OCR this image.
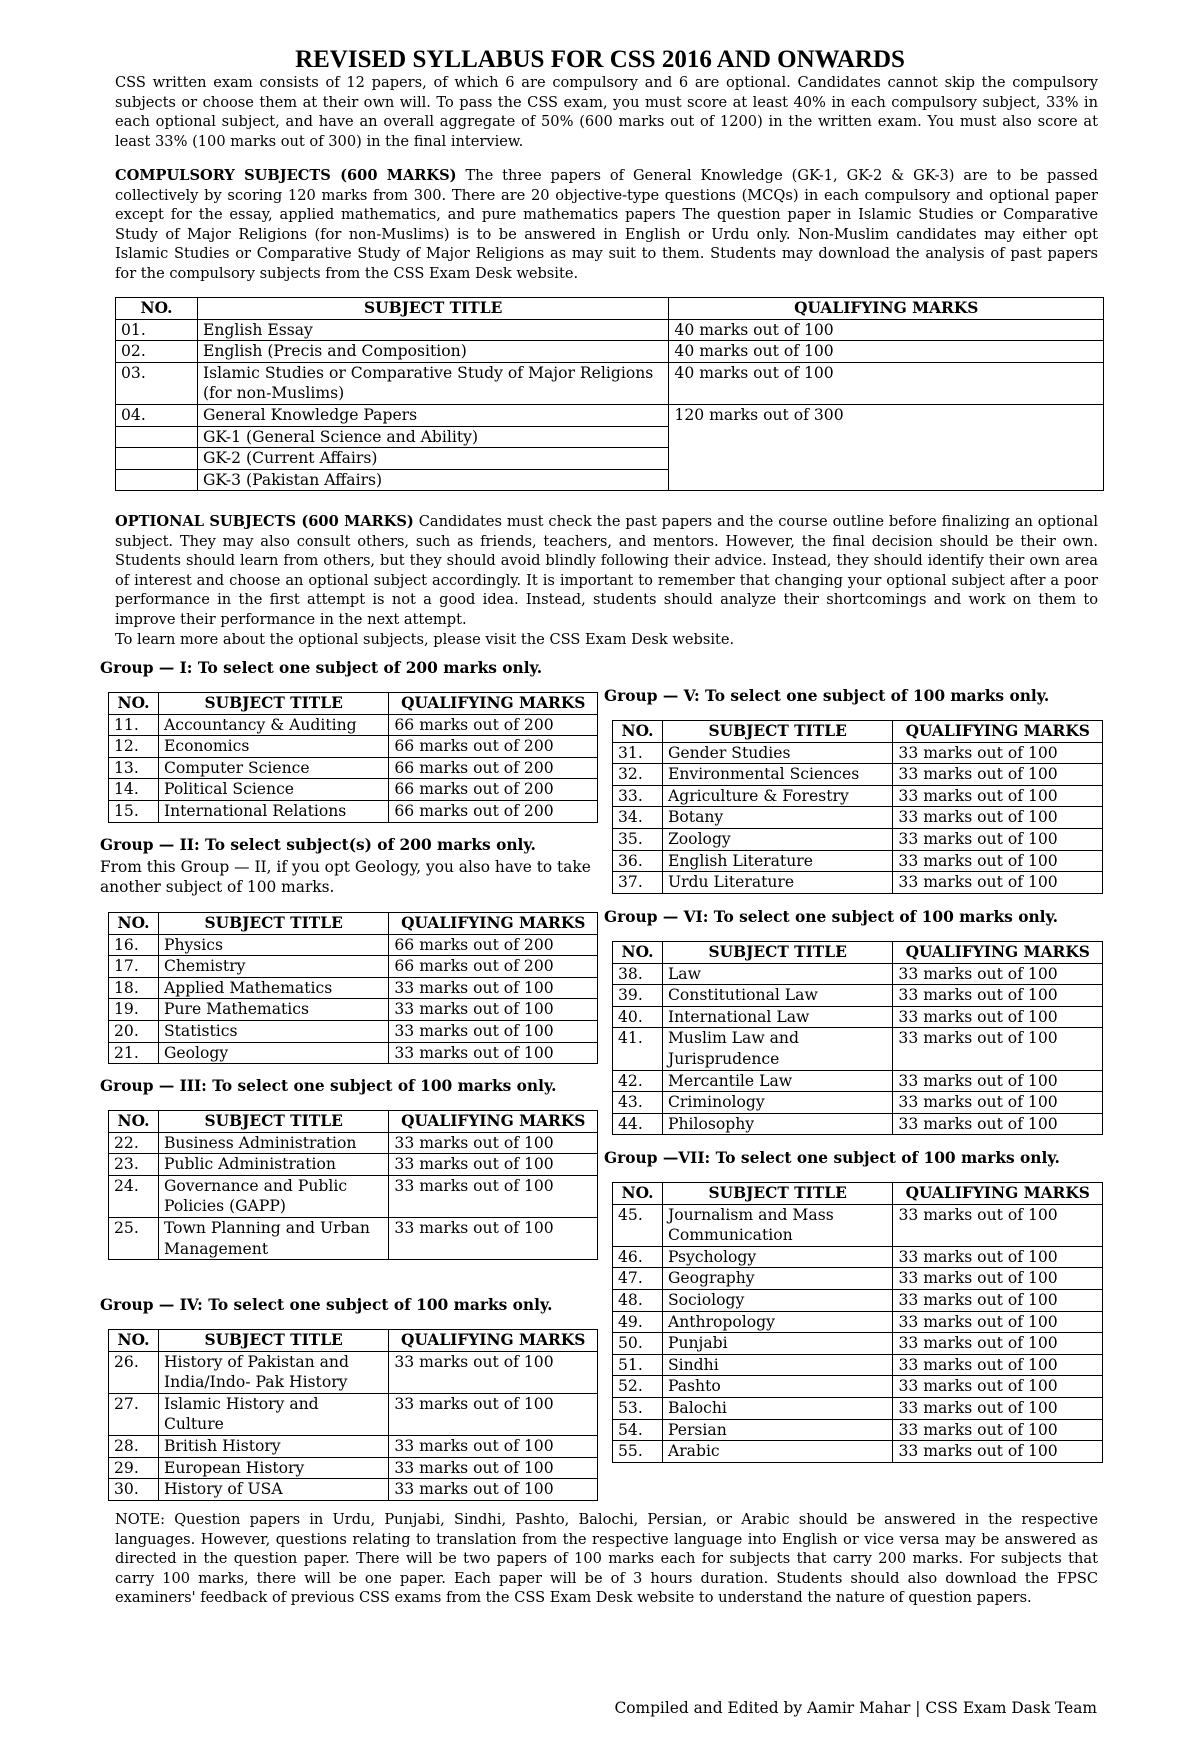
REVISED SYLLABUS FOR CSS 2016 AND ONWARDS

CSS written exam consists of 12 papers, of which 6 are compulsory and 6 are optional. Candidates cannot skip the compulsory subjects or choose them at their own will. To pass the CSS exam, you must score at least 40% in each compulsory subject, 33% in each optional subject, and have an overall aggregate of 50% (600 marks out of 1200) in the written exam. You must also score at least 33% (100 marks out of 300) in the final interview.

COMPULSORY SUBJECTS (600 MARKS) The three papers of General Knowledge (GK-1, GK-2 & GK-3) are to be passed collectively by scoring 120 marks from 300. There are 20 objective-type questions (MCQs) in each compulsory and optional paper except for the essay, applied mathematics, and pure mathematics papers The question paper in Islamic Studies or Comparative Study of Major Religions (for non-Muslims) is to be answered in English or Urdu only. Non-Muslim candidates may either opt Islamic Studies or Comparative Study of Major Religions as may suit to them. Students may download the analysis of past papers for the compulsory subjects from the CSS Exam Desk website.

NO.	SUBJECT TITLE	QUALIFYING MARKS
01.	English Essay	40 marks out of 100
02.	English (Precis and Composition)	40 marks out of 100
03.	Islamic Studies or Comparative Study of Major Religions (for non-Muslims)	40 marks out of 100
04.	General Knowledge Papers	120 marks out of 300
	GK-1 (General Science and Ability)	
	GK-2 (Current Affairs)	
	GK-3 (Pakistan Affairs)	

OPTIONAL SUBJECTS (600 MARKS) Candidates must check the past papers and the course outline before finalizing an optional subject. They may also consult others, such as friends, teachers, and mentors. However, the final decision should be their own. Students should learn from others, but they should avoid blindly following their advice. Instead, they should identify their own area of interest and choose an optional subject accordingly. It is important to remember that changing your optional subject after a poor performance in the first attempt is not a good idea. Instead, students should analyze their shortcomings and work on them to improve their performance in the next attempt.

To learn more about the optional subjects, please visit the CSS Exam Desk website.

Group — I: To select one subject of 200 marks only.
NO.	SUBJECT TITLE	QUALIFYING MARKS
11.	Accountancy & Auditing	66 marks out of 200
12.	Economics	66 marks out of 200
13.	Computer Science	66 marks out of 200
14.	Political Science	66 marks out of 200
15.	International Relations	66 marks out of 200
Group — II: To select subject(s) of 200 marks only.

From this Group — II, if you opt Geology, you also have to take another subject of 100 marks.

NO.	SUBJECT TITLE	QUALIFYING MARKS
16.	Physics	66 marks out of 200
17.	Chemistry	66 marks out of 200
18.	Applied Mathematics	33 marks out of 100
19.	Pure Mathematics	33 marks out of 100
20.	Statistics	33 marks out of 100
21.	Geology	33 marks out of 100
Group — III: To select one subject of 100 marks only.
NO.	SUBJECT TITLE	QUALIFYING MARKS
22.	Business Administration	33 marks out of 100
23.	Public Administration	33 marks out of 100
24.	Governance and Public Policies (GAPP)	33 marks out of 100
25.	Town Planning and Urban Management	33 marks out of 100
Group — IV: To select one subject of 100 marks only.
NO.	SUBJECT TITLE	QUALIFYING MARKS
26.	History of Pakistan and India/Indo- Pak History	33 marks out of 100
27.	Islamic History and Culture	33 marks out of 100
28.	British History	33 marks out of 100
29.	European History	33 marks out of 100
30.	History of USA	33 marks out of 100
Group — V: To select one subject of 100 marks only.
NO.	SUBJECT TITLE	QUALIFYING MARKS
31.	Gender Studies	33 marks out of 100
32.	Environmental Sciences	33 marks out of 100
33.	Agriculture & Forestry	33 marks out of 100
34.	Botany	33 marks out of 100
35.	Zoology	33 marks out of 100
36.	English Literature	33 marks out of 100
37.	Urdu Literature	33 marks out of 100
Group — VI: To select one subject of 100 marks only.
NO.	SUBJECT TITLE	QUALIFYING MARKS
38.	Law	33 marks out of 100
39.	Constitutional Law	33 marks out of 100
40.	International Law	33 marks out of 100
41.	Muslim Law and Jurisprudence	33 marks out of 100
42.	Mercantile Law	33 marks out of 100
43.	Criminology	33 marks out of 100
44.	Philosophy	33 marks out of 100
Group —VII: To select one subject of 100 marks only.
NO.	SUBJECT TITLE	QUALIFYING MARKS
45.	Journalism and Mass Communication	33 marks out of 100
46.	Psychology	33 marks out of 100
47.	Geography	33 marks out of 100
48.	Sociology	33 marks out of 100
49.	Anthropology	33 marks out of 100
50.	Punjabi	33 marks out of 100
51.	Sindhi	33 marks out of 100
52.	Pashto	33 marks out of 100
53.	Balochi	33 marks out of 100
54.	Persian	33 marks out of 100
55.	Arabic	33 marks out of 100

NOTE: Question papers in Urdu, Punjabi, Sindhi, Pashto, Balochi, Persian, or Arabic should be answered in the respective languages. However, questions relating to translation from the respective language into English or vice versa may be answered as directed in the question paper. There will be two papers of 100 marks each for subjects that carry 200 marks. For subjects that carry 100 marks, there will be one paper. Each paper will be of 3 hours duration. Students should also download the FPSC examiners' feedback of previous CSS exams from the CSS Exam Desk website to understand the nature of question papers.

Compiled and Edited by Aamir Mahar | CSS Exam Dask Team
